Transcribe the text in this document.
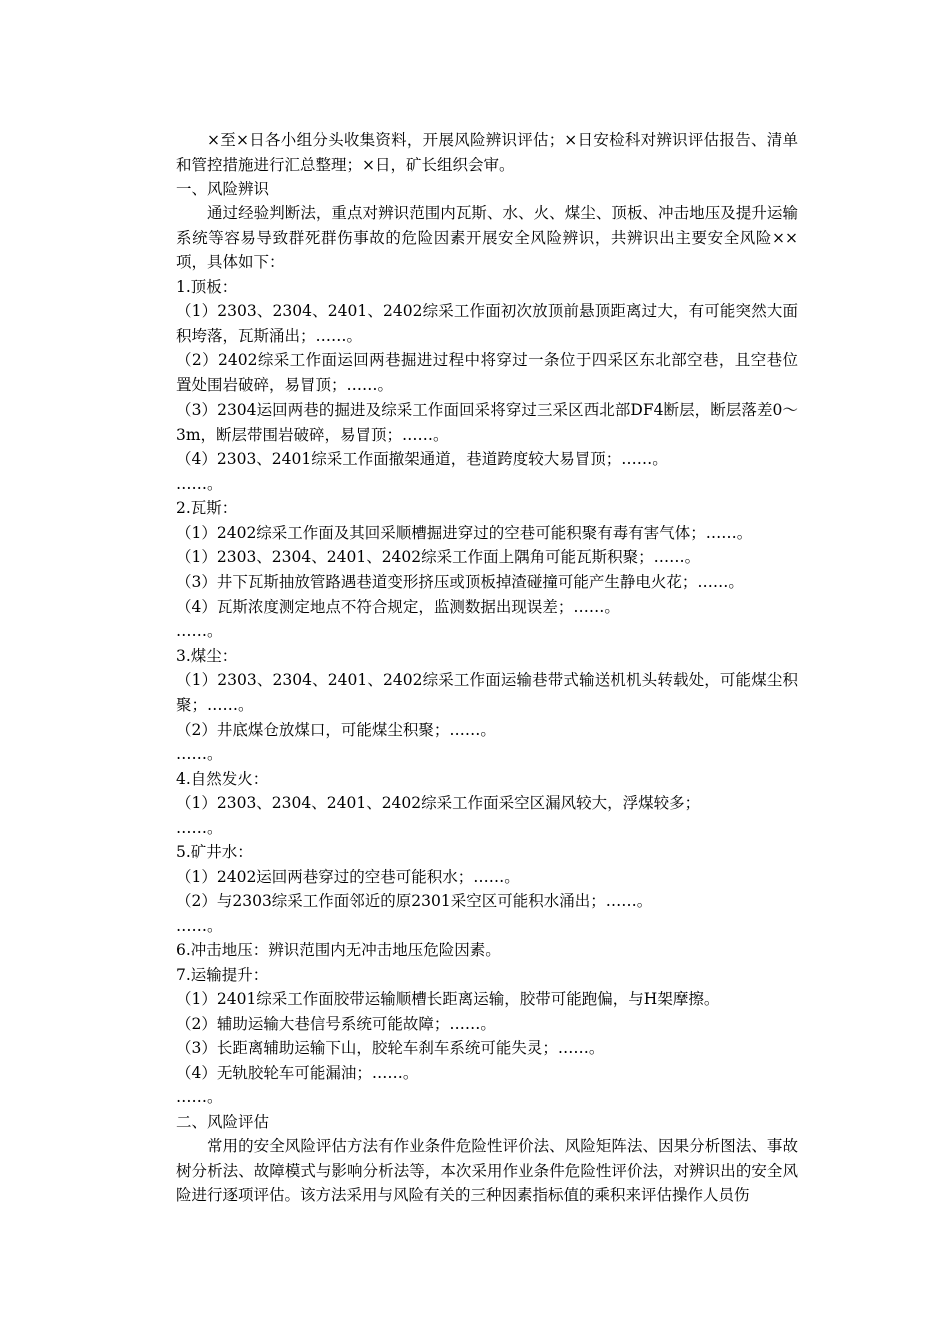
×至×日各小组分头收集资料，开展风险辨识评估；×日安检科对辨识评估报告、清单和管控措施进行汇总整理；×日，矿长组织会审。

一、风险辨识

通过经验判断法，重点对辨识范围内瓦斯、水、火、煤尘、顶板、冲击地压及提升运输系统等容易导致群死群伤事故的危险因素开展安全风险辨识，共辨识出主要安全风险××项，具体如下：

1.顶板：

（1）2303、2304、2401、2402综采工作面初次放顶前悬顶距离过大，有可能突然大面积垮落，瓦斯涌出；……。

（2）2402综采工作面运回两巷掘进过程中将穿过一条位于四采区东北部空巷，且空巷位置处围岩破碎，易冒顶；……。

（3）2304运回两巷的掘进及综采工作面回采将穿过三采区西北部DF4断层，断层落差0～3m，断层带围岩破碎，易冒顶；……。

（4）2303、2401综采工作面撤架通道，巷道跨度较大易冒顶；……。

……。

2.瓦斯：

（1）2402综采工作面及其回采顺槽掘进穿过的空巷可能积聚有毒有害气体；……。

（1）2303、2304、2401、2402综采工作面上隅角可能瓦斯积聚；……。

（3）井下瓦斯抽放管路遇巷道变形挤压或顶板掉渣碰撞可能产生静电火花；……。

（4）瓦斯浓度测定地点不符合规定，监测数据出现误差；……。

……。

3.煤尘：

（1）2303、2304、2401、2402综采工作面运输巷带式输送机机头转载处，可能煤尘积聚；……。

（2）井底煤仓放煤口，可能煤尘积聚；……。

……。

4.自然发火：

（1）2303、2304、2401、2402综采工作面采空区漏风较大，浮煤较多；

……。

5.矿井水：

（1）2402运回两巷穿过的空巷可能积水；……。

（2）与2303综采工作面邻近的原2301采空区可能积水涌出；……。

……。

6.冲击地压：辨识范围内无冲击地压危险因素。

7.运输提升：

（1）2401综采工作面胶带运输顺槽长距离运输，胶带可能跑偏，与H架摩擦。

（2）辅助运输大巷信号系统可能故障；……。

（3）长距离辅助运输下山，胶轮车刹车系统可能失灵；……。

（4）无轨胶轮车可能漏油；……。

……。

二、风险评估

常用的安全风险评估方法有作业条件危险性评价法、风险矩阵法、因果分析图法、事故树分析法、故障模式与影响分析法等，本次采用作业条件危险性评价法，对辨识出的安全风险进行逐项评估。该方法采用与风险有关的三种因素指标值的乘积来评估操作人员伤
